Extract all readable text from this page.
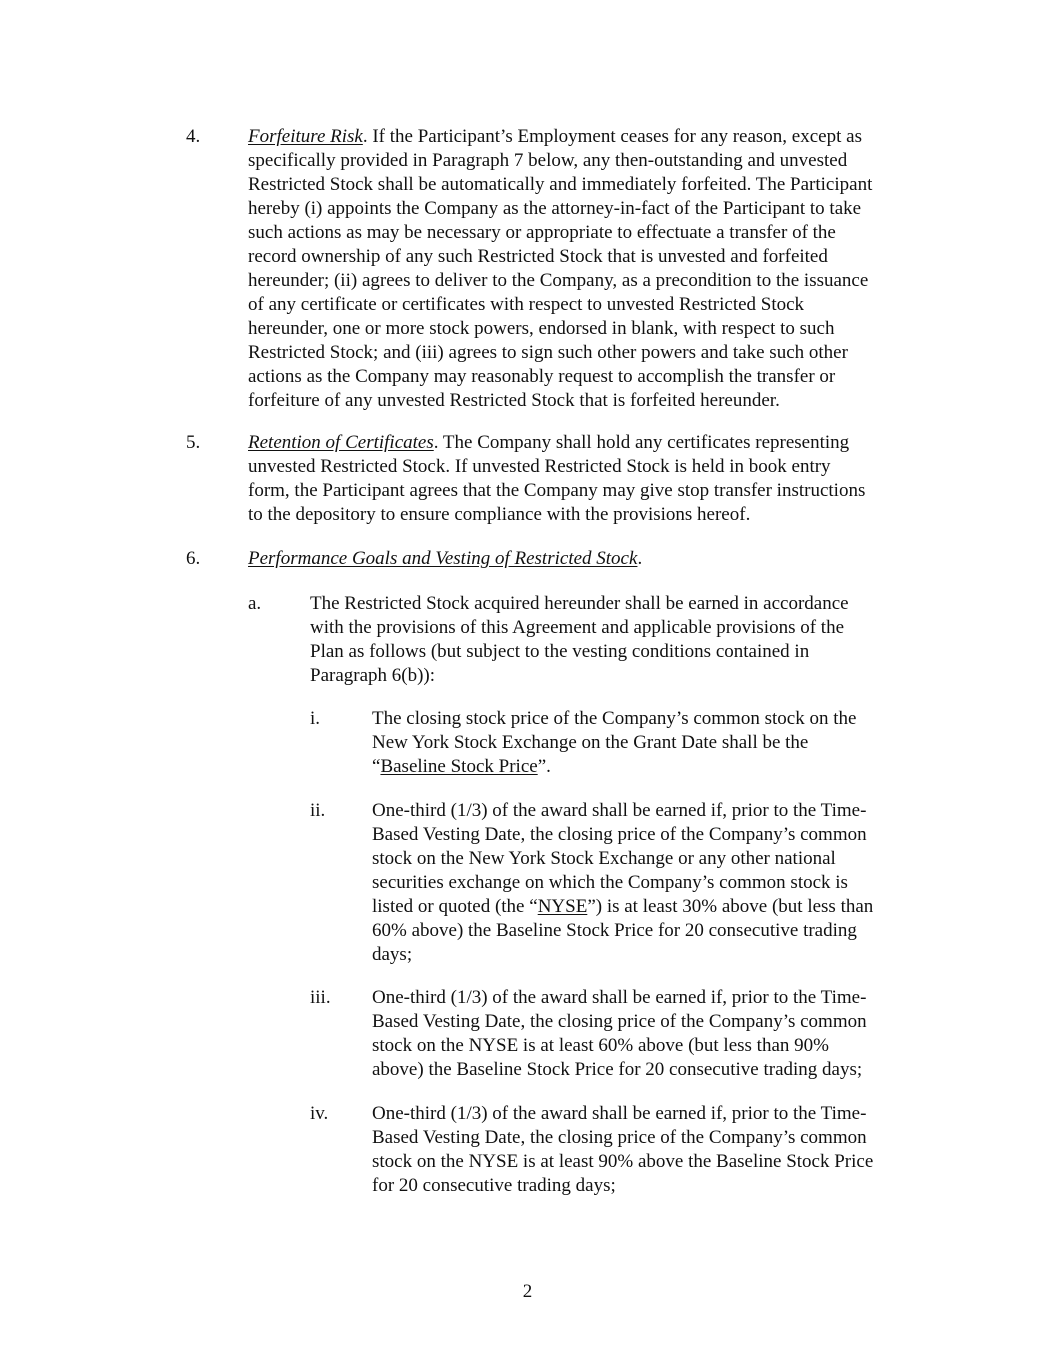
4.	Forfeiture Risk. If the Participant’s Employment ceases for any reason, except as
specifically provided in Paragraph 7 below, any then-outstanding and unvested
Restricted Stock shall be automatically and immediately forfeited. The Participant
hereby (i) appoints the Company as the attorney-in-fact of the Participant to take
such actions as may be necessary or appropriate to effectuate a transfer of the
record ownership of any such Restricted Stock that is unvested and forfeited
hereunder; (ii) agrees to deliver to the Company, as a precondition to the issuance
of any certificate or certificates with respect to unvested Restricted Stock
hereunder, one or more stock powers, endorsed in blank, with respect to such
Restricted Stock; and (iii) agrees to sign such other powers and take such other
actions as the Company may reasonably request to accomplish the transfer or
forfeiture of any unvested Restricted Stock that is forfeited hereunder.
5.	Retention of Certificates. The Company shall hold any certificates representing
unvested Restricted Stock. If unvested Restricted Stock is held in book entry
form, the Participant agrees that the Company may give stop transfer instructions
to the depository to ensure compliance with the provisions hereof.
6.	Performance Goals and Vesting of Restricted Stock.
a.	The Restricted Stock acquired hereunder shall be earned in accordance
with the provisions of this Agreement and applicable provisions of the
Plan as follows (but subject to the vesting conditions contained in
Paragraph 6(b)):
i.	The closing stock price of the Company’s common stock on the
New York Stock Exchange on the Grant Date shall be the
“Baseline Stock Price”.
ii. One-third (1/3) of the award shall be earned if, prior to the Time-
Based Vesting Date, the closing price of the Company’s common
stock on the New York Stock Exchange or any other national
securities exchange on which the Company’s common stock is
listed or quoted (the “NYSE”) is at least 30% above (but less than
60% above) the Baseline Stock Price for 20 consecutive trading
days;
iii. One-third (1/3) of the award shall be earned if, prior to the Time-
Based Vesting Date, the closing price of the Company’s common
stock on the NYSE is at least 60% above (but less than 90%
above) the Baseline Stock Price for 20 consecutive trading days;
iv. One-third (1/3) of the award shall be earned if, prior to the Time-
Based Vesting Date, the closing price of the Company’s common
stock on the NYSE is at least 90% above the Baseline Stock Price
for 20 consecutive trading days;
2
